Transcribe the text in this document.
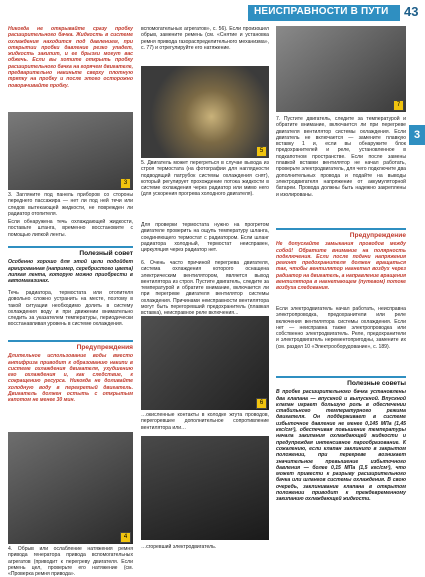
НЕИСПРАВНОСТИ В ПУТИ 43
3

Никогда не открывайте сразу пробку расширительного бачка. Жидкость в системе охлаждения находится под давлением, при открытии пробки давление резко упадет, жидкость закипит, и ее брызги могут вас обжечь. Если вы хотите открыть пробку расширительного бачка на горячем двигателе, предварительно накиньте сверху плотную тряпку на пробку и после этого осторожно поворачивайте пробку.

3

3. Загляните под панель приборов со стороны переднего пассажира — нет ли под ней течи или следов вытекающей жидкости, не поврежден ли радиатор отопителя.

Если обнаружена течь охлаждающей жидкости, поставьте штанга, временно восстановите с помощью липкой ленты.

Полезный совет

Особенно хорошо для этой цели подойдет армированная (например, серебристого цвета) липкая лента, которую можно приобрести в автомагазинах.

Течь радиатора, термостата или отопителя довольно сложно устранить на месте, поэтому в такой ситуации необходимо долить в систему охлаждения воду и при движении внимательно следить за указателем температуры, периодически восстанавливая уровень в системе охлаждения.

Предупреждения

Длительное использование воды вместо антифриза приводит к образованию накипи в системе охлаждения двигателя, ухудшению его охлаждения и, как следствие, к сокращению ресурса. Никогда не доливайте холодную воду в перегретый двигатель. Двигатель должен остыть с открытым капотом не менее 30 мин.

4

4. Обрыв или ослабление натяжения ремня привода генератора привода вспомогательных агрегатов (приводит к перегреву двигателя. Если ремень цел, проверьте его натяжение (см. «Проверка ремня привода».

вспомогательных агрегатов», с. 56). Если произошел обрыв, замените ремень (см. «Снятие и установка ремня привода газораспределительного механизма», с. 77) и отрегулируйте его натяжение.

5

5. Двигатель может перегреться в случае выхода из строя термостата (на фотографии для наглядности подводящий патрубок системы охлаждения снят), который регулирует прохождение потока жидкости в системе охлаждения через радиатор или мимо него (для ускорения прогрева холодного двигателя).

Для проверки термостата нужно на прогретом двигателе проверить на ощупь температуру шланга, соединяющего термостат с радиатором. Если шланг радиатора холодный, термостат неисправен, циркуляция через радиатор нет.

6. Очень часто причиной перегрева двигателя, система охлаждения которого оснащена электрическим вентилятором, является выход вентилятора из строя. Пустите двигатель, следите за температурой и обратите внимание, включается ли при перегреве двигателя вентилятор системы охлаждения. Причинами неисправности вентилятора могут быть перегоревший предохранитель (плавкая вставка), неисправное реле включения...

6

…окисленные контакты в колодке жгута проводов, перегоревшее дополнительное сопротивление вентилятора или…

…сгоревший электродвигатель.

7

7. Пустите двигатель, следите за температурой и обратите внимание, включается ли при перегреве двигателя вентилятор системы охлаждения. Если двигатель не включается — замените плавкую вставку 1 и, если вы обнаружите блок предохранителей и реле, установленное в подкапотном пространстве. Если после замены плавкой вставки вентилятор не начал работать, проверьте электродвигатель, для чего подключите два дополнительных провода и подайте на выводы электродвигателя напряжение от аккумуляторной батареи. Провода должны быть надежно закреплены и изолированы.

Предупреждение

Не допускайте замыкания проводов между собой! Обратите внимание на полярность подключения. Если после подачи напряжения ремонт предохранителя должен вращаться так, чтобы вентилятор нагнетал воздух через радиатор на двигатель, а направление вращения вентилятора в нагнетающем (путевом) потоке воздуха следования.

Если электродвигатель начал работать, неисправна электропроводка, предохранители или реле включения вентилятора системы охлаждения. Если нет — неисправна также электропроводка или собственно электродвигатель. Реле, предохранители и электродвигатель нерементопригодны, замените их (см. раздел 10 «Электрооборудование», с. 189).

Полезные советы

В пробке расширительного бачка установлены два клапана — впускной и выпускной. Впускной клапан играет большую роль в обеспечении стабильного температурного режима двигателя. Он поддерживает в системе избыточное давление не менее 0,145 МПа (1,45 кгс/см²), обеспечивая повышение температуры начала закипания охлаждающей жидкости и предупреждая интенсивное парообразование. К сожалению, если клапан заклинило в закрытом положении, при перегреве возникает значительное превышение избыточного давления — более 0,15 МПа (1,5 кгс/см²), что может привести к разрыву расширительного бачка или шлангов системы охлаждения. В свою очередь, заклинивание клапана в открытом положении приводит к преждевременному закипанию охлаждающей жидкости.
